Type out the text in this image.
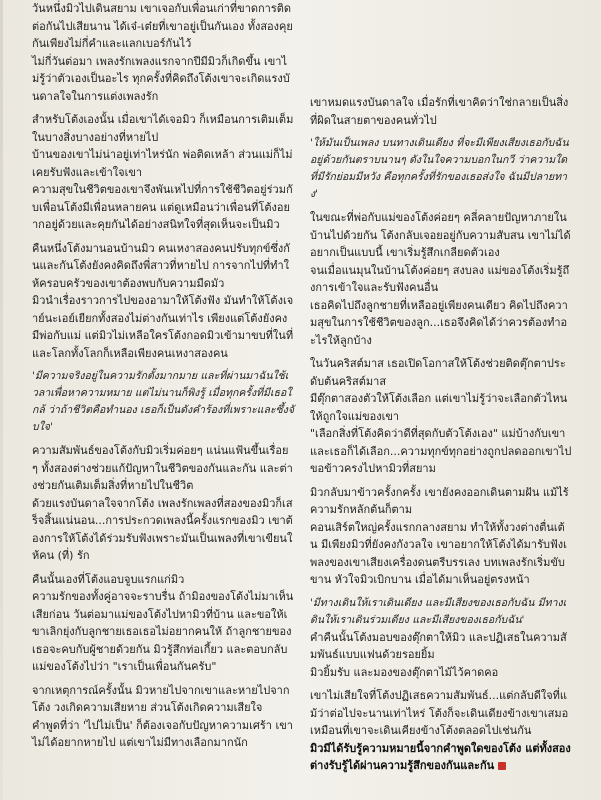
วันหนึ่งมิวไปเดินสยาม เขาเจอกับเพื่อนเก่าที่ขาดการติดต่อกันไปเสียนาน ได้เจ๋-เต๋ยที่เขาอยู่เป็นกันเอง ทั้งสองคุยกันเพียงไม่กี่คำและแลกเบอร์กันไว้

ไม่กี่วันต่อมา เพลงรักเพลงแรกจากปีมีมิวก็เกิดขึ้น เขาไม่รู้ว่าตัวเองเป็นอะไร ทุกครั้งที่คิดถึงโต้งเขาจะเกิดแรงบันดาลใจในการแต่งเพลงรัก

สำหรับโต้งเองนั้น เมื่อเขาได้เจอมิว ก็เหมือนการเติมเต็มในบางสิ่งบางอย่างที่หายไป

บ้านของเขาไม่น่าอยู่เท่าไหร่นัก พ่อติดเหล้า ส่วนแม่ก็ไม่เคยรับฟังและเข้าใจเขา

ความสุขในชีวิตของเขาจึงพันเหไปที่การใช้ชีวิตอยู่ร่วมกับเพื่อนโต้งมีเพื่อนหลายคน แต่ดูเหมือนว่าเพื่อนที่โต้งอยากอยู่ด้วยและคุยกันได้อย่างสนิทใจที่สุดเห็นจะเป็นมิว

คืนหนึ่งโต้งมานอนบ้านมิว คนเหงาสองคนปรับทุกข์ซึ่งกันและกันโต้งยังคงคิดถึงพี่สาวที่หายไป การจากไปที่ทำให้ครอบครัวของเขาต้องพบกับความมืดมัว

มิวนำเรื่องราวการไปของอามาให้โต้งฟัง มันทำให้โต้งเจาย์นะเอย์เยียกทั้งสองไม่ต่างกันเท่าไร เพียงแต่โต้งยังคงมีพ่อกับแม่ แต่มิวไม่เหลือใครโต้งกอดมิวเข้ามาขบที่ในที่ และโลกทั้งโลกก็เหลือเพียงคนเหงาสองคน

'มีความจริงอยู่ในความรักตั้งมากมาย และที่ผ่านมาฉันใช้เวลาเพื่อหาความหมาย แต่ไม่นานก็พิงรู้ เมื่อทุกครั้งที่มีเธอใกล้ ว่าถ้าชีวิตคือทำนอง เธอก็เป็นดังคำร้องที่เพราะและซึ้งจับใจ'

ความสัมพันธ์ของโต้งกับมิวเริ่มค่อยๆ แน่นแฟ้นขึ้นเรื่อยๆ ทั้งสองต่างช่วยแก้ปัญหาในชีวิตของกันและกัน และต่างช่วยกันเติมเต็มสิ่งที่หายไปในชีวิต

ด้วยแรงบันดาลใจจากโต้ง เพลงรักเพลงที่สองของมิวก็เสร็จสิ้นแน่นอน...การประกวดเพลงนี้ครั้งแรกของมิว เขาต้องการให้โต้งได้ร่วมรับฟังเพราะมันเป็นเพลงที่เขาเขียนให้คน (ที่) รัก

คืนนั้นเองที่โต้งแอบจูบแรกแก่มิว

ความรักของทั้งคู่อาจจะราบรื่น ถ้ามิองของโต้งไม่มาเห็นเสียก่อน วันต่อมาแม่ของโต้งไปหามิวที่บ้าน และขอให้เขาเลิกยุ่งกับลูกชายเธอเธอไม่อยากคนให้ ถ้าลูกชายของเธอจะคบกับผู้ชายด้วยกัน มิวรู้สึกท่อเกี้ยว และตอบกลับแม่ของโต้งไปว่า "เราเป็นเพื่อนกันครับ"

จากเหตุการณ์ครั้งนั้น มิวหายไปจากเขาและหายไปจากโต้ง วงเกิดความเสียหาย ส่วนโต้งเกิดความเสียใจ

คำพูดที่ว่า 'ไปไม่เป็น' ก็ต้องเจอกับปัญหาความเศร้า เขาไม่ได้อยากหายไป แต่เขาไม่มีทางเลือกมากนัก

เขาหมดแรงบันดาลใจ เมื่อรักที่เขาคิดว่าใช่กลายเป็นสิ่งที่ผิดในสายตาของคนทั่วไป

'ให้มันเป็นเพลง บนทางเดินเดียง ที่จะมีเพียงเสียงเธอกับฉัน อยู่ด้วยกันตราบนานๆ ดังในใจความบอกในกวี ว่าความใดที่มีรักย่อมมีหวัง คือทุกครั้งที่รักของเธอส่งใจ ฉันมีปลายทาง'

ในขณะที่พ่อกับแม่ของโต้งค่อยๆ คลี่คลายปัญหาภายในบ้านไปด้วยกัน โต้งกลับเจอยอยู่กับความสับสน เขาไม่ได้อยากเป็นแบบนี้ เขาเริ่มรู้สึกเกลียดตัวเอง

จนเมื่อแนมุนในบ้านโต้งค่อยๆ สงบลง แม่ของโต้งเริ่มรู้ถึงการเข้าใจและรับฟังคนอื่น

เธอคิดไปถึงลูกชายที่เหลืออยู่เพียงคนเดียว คิดไปถึงความสุขในการใช้ชีวิตของลูก...เธอจึงคิดได้ว่าควรต้องทำอะไรให้ลูกบ้าง

ในวันคริสต์มาส เธอเปิดโอกาสให้โต้งช่วยติดตุ๊กตาประดับต้นคริสต์มาส

มีตุ๊กตาสองตัวให้โต้งเลือก แต่เขาไม่รู้ว่าจะเลือกตัวไหนให้ถูกใจแม่ของเขา

"เลือกสิ่งที่โต้งคิดว่าดีที่สุดกับตัวโต้งเอง" แม่บ้างกับเขาและเธอก็ได้เลือก...ความทุกข์ทุกอย่างถูกปลดออกเขาไปขอข้าวครงไปหามิวที่สยาม

มิวกลับมาข้าวครั้งกครั้ง เขายังคงออกเดินตามฝัน แม้ไร้ความรักหลักต้นก็ตาม

คอนเสิร์ตใหญ่ครั้งแรกกลางสยาม ทำให้ทั้งวงต่างตื่นเต้น มีเพียงมิวที่ยังคงกังวลใจ เขาอยากให้โต้งได้มารับฟังเพลงของเขาเสียงเครื่องดนตรีบรรเลง บทเพลงรักเริ่มขับขาน หัวใจมิวเบิกบาน เมื่อได้มาเห็นอยู่ตรงหน้า

'มีทางเดินให้เราเดินเดียง และมีเสียงของเธอกับฉัน มีทางเดินให้เราเดินร่วมเดียง และมีเสียงของเธอกับฉัน'

คำคืนนั้นโต้งมอบของตุ๊กตาให้มิว และปฏิเสธในความสัมพันธ์แบบแฟนด้วยรอยยิ้ม

มิวยิ้มรับ และมองของตุ๊กตาไม้ไว้คาดคอ

เขาไม่เสียใจที่โต้งปฏิเสธความสัมพันธ์...แต่กลับดีใจที่แม้ว่าต่อไปจะนานเท่าไหร่ โต้งก็จะเดินเดียงข้างเขาเสมอ เหมือนที่เขาจะเดินเคียงข้างโต้งตลอดไปเช่นกัน

มิวมีได้รับรู้ความหมายนี้จากคำพูดใดของโต้ง แต่ทั้งสองต่างรับรู้ได้ผ่านความรู้สึกของกันและกัน
